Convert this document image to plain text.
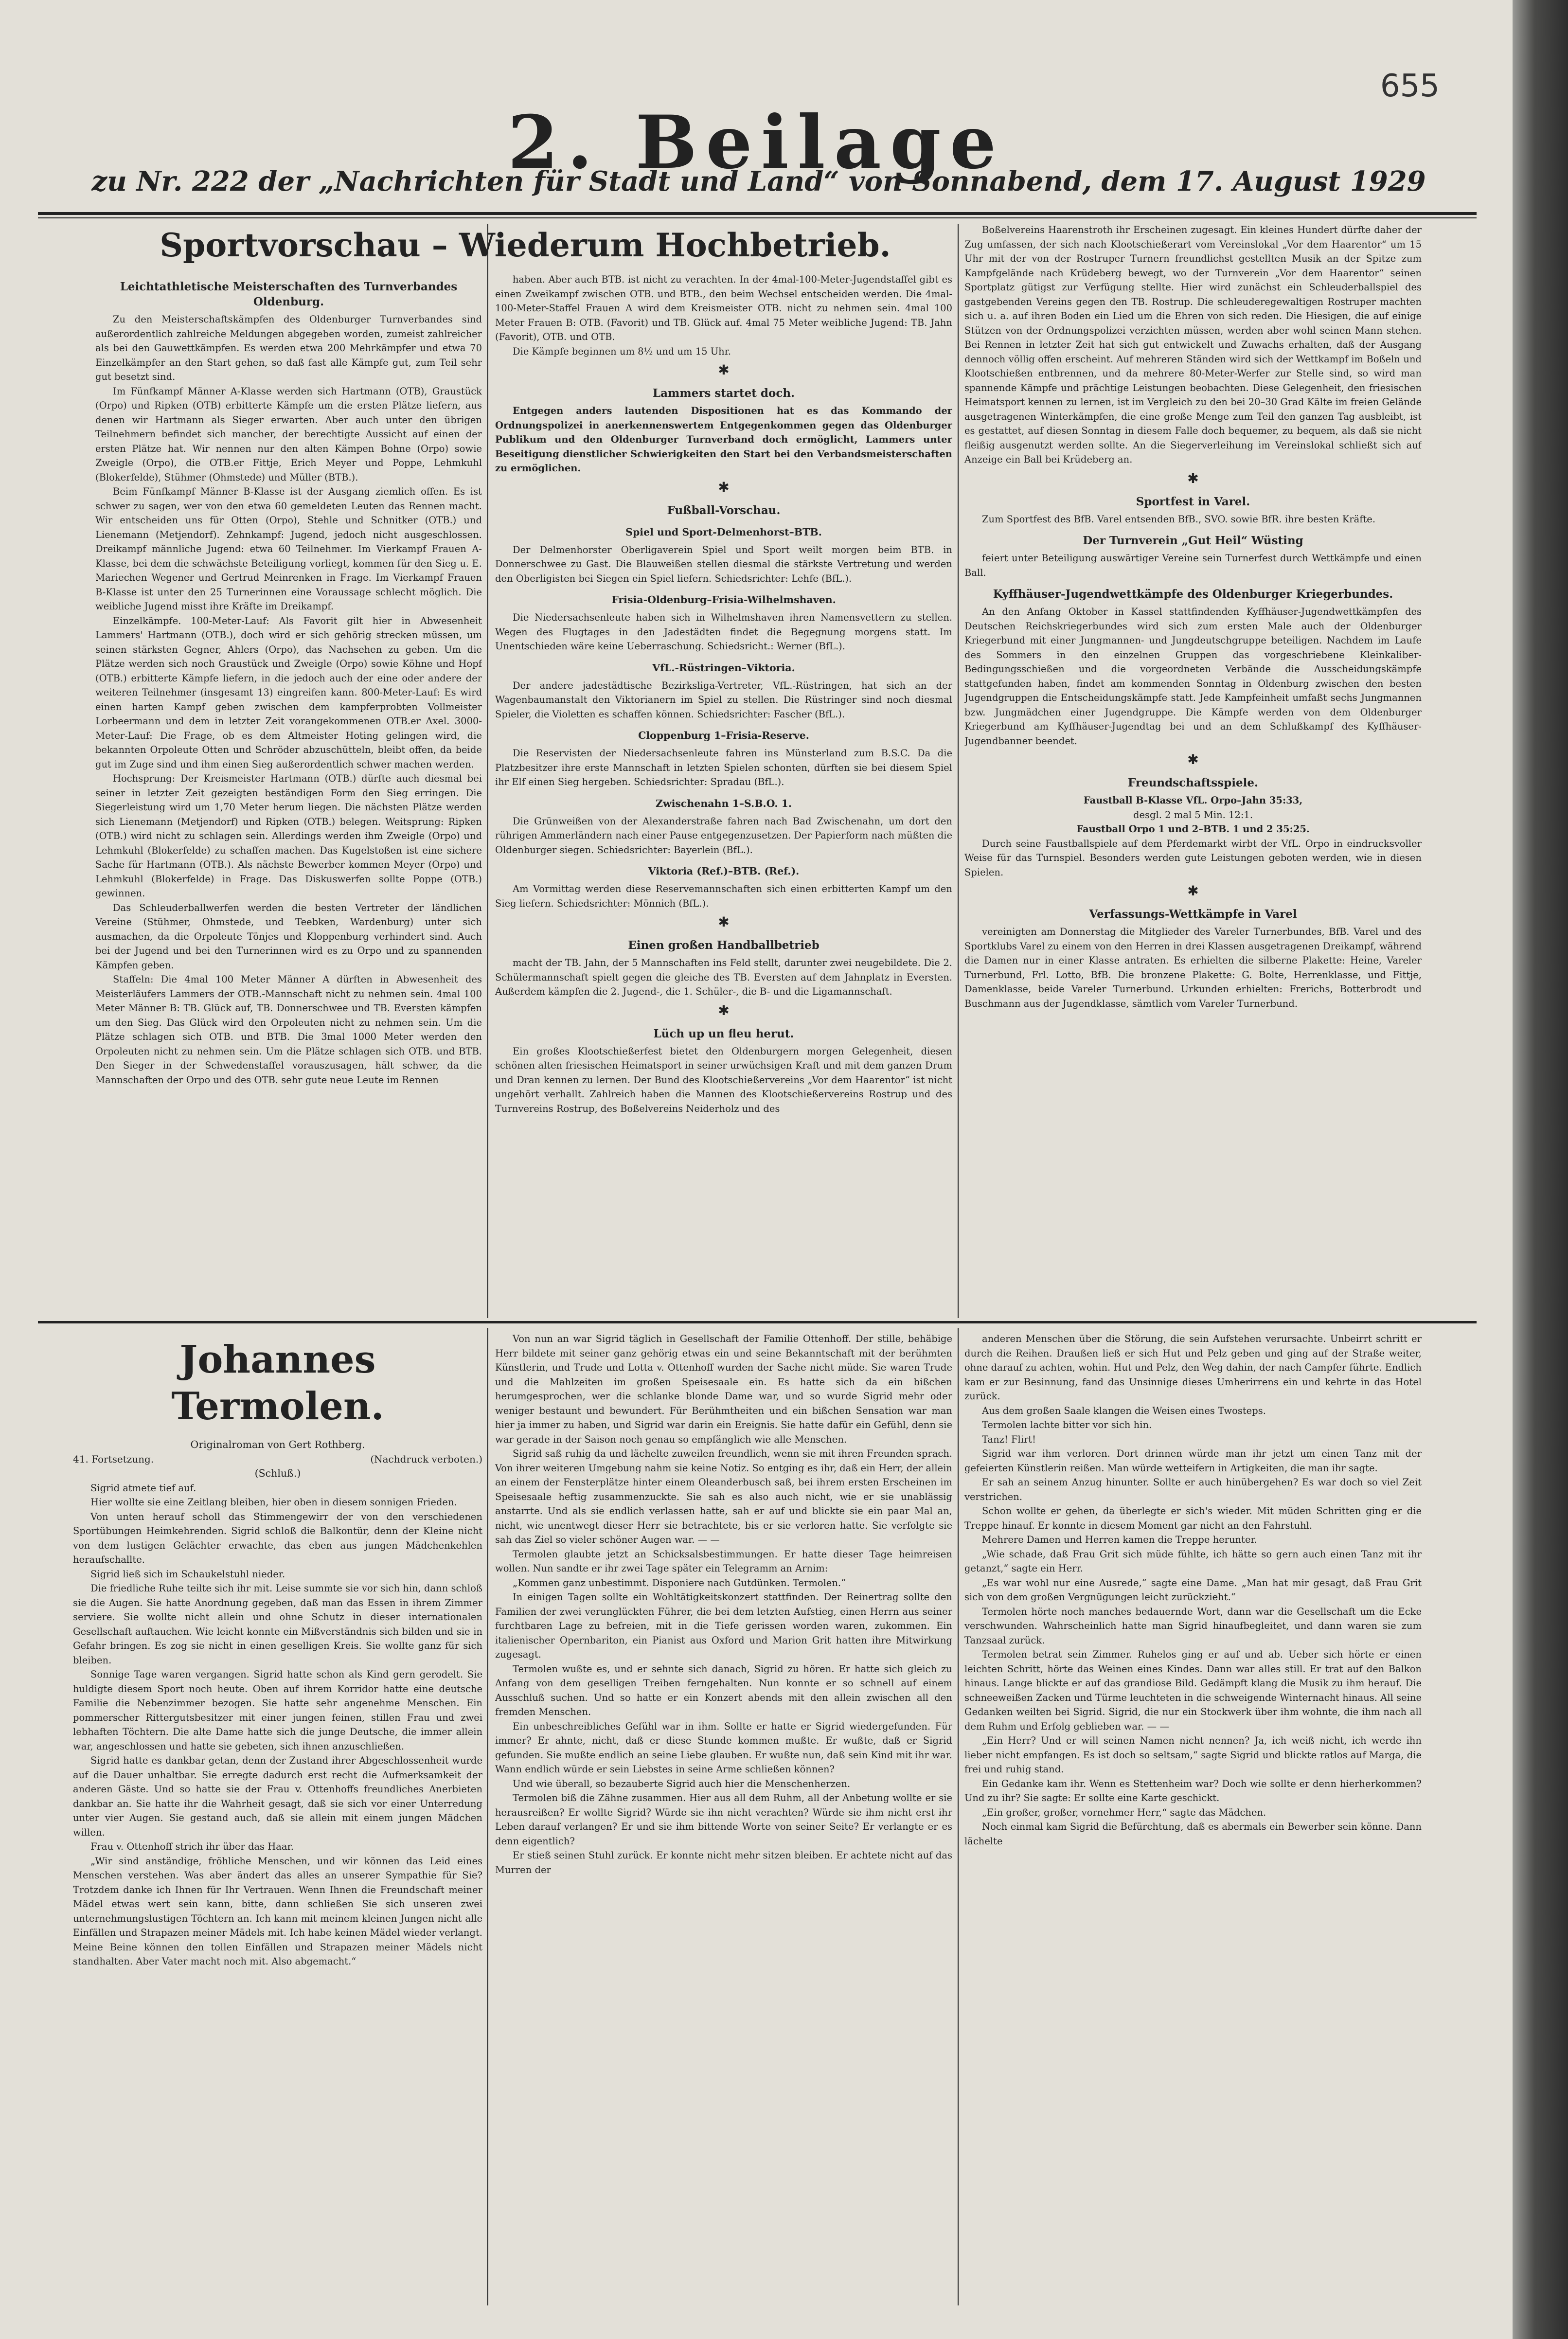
655
2. Beilage
zu Nr. 222 der „Nachrichten für Stadt und Land“ von Sonnabend, dem 17. August 1929
Sportvorschau – Wiederum Hochbetrieb.
Leichtathletische Meisterschaften des Turnverbandes Oldenburg.

Zu den Meisterschaftskämpfen des Oldenburger Turnverbandes sind außerordentlich zahlreiche Meldungen abgegeben worden, zumeist zahlreicher als bei den Gauwettkämpfen. Es werden etwa 200 Mehrkämpfer und etwa 70 Einzelkämpfer an den Start gehen, so daß fast alle Kämpfe gut, zum Teil sehr gut besetzt sind.

Im Fünfkampf Männer A-Klasse werden sich Hartmann (OTB), Graustück (Orpo) und Ripken (OTB) erbitterte Kämpfe um die ersten Plätze liefern, aus denen wir Hartmann als Sieger erwarten. Aber auch unter den übrigen Teilnehmern befindet sich mancher, der berechtigte Aussicht auf einen der ersten Plätze hat. Wir nennen nur den alten Kämpen Bohne (Orpo) sowie Zweigle (Orpo), die OTB.er Fittje, Erich Meyer und Poppe, Lehmkuhl (Blokerfelde), Stühmer (Ohmstede) und Müller (BTB.).

Beim Fünfkampf Männer B-Klasse ist der Ausgang ziemlich offen. Es ist schwer zu sagen, wer von den etwa 60 gemeldeten Leuten das Rennen macht. Wir entscheiden uns für Otten (Orpo), Stehle und Schnitker (OTB.) und Lienemann (Metjendorf). Zehnkampf: Jugend, jedoch nicht ausgeschlossen. Dreikampf männliche Jugend: etwa 60 Teilnehmer. Im Vierkampf Frauen A-Klasse, bei dem die schwächste Beteiligung vorliegt, kommen für den Sieg u. E. Mariechen Wegener und Gertrud Meinrenken in Frage. Im Vierkampf Frauen B-Klasse ist unter den 25 Turnerinnen eine Voraussage schlecht möglich. Die weibliche Jugend misst ihre Kräfte im Dreikampf.

Einzelkämpfe. 100-Meter-Lauf: Als Favorit gilt hier in Abwesenheit Lammers' Hartmann (OTB.), doch wird er sich gehörig strecken müssen, um seinen stärksten Gegner, Ahlers (Orpo), das Nachsehen zu geben. Um die Plätze werden sich noch Graustück und Zweigle (Orpo) sowie Köhne und Hopf (OTB.) erbitterte Kämpfe liefern, in die jedoch auch der eine oder andere der weiteren Teilnehmer (insgesamt 13) eingreifen kann. 800-Meter-Lauf: Es wird einen harten Kampf geben zwischen dem kampferprobten Vollmeister Lorbeermann und dem in letzter Zeit vorangekommenen OTB.er Axel. 3000-Meter-Lauf: Die Frage, ob es dem Altmeister Hoting gelingen wird, die bekannten Orpoleute Otten und Schröder abzuschütteln, bleibt offen, da beide gut im Zuge sind und ihm einen Sieg außerordentlich schwer machen werden.

Hochsprung: Der Kreismeister Hartmann (OTB.) dürfte auch diesmal bei seiner in letzter Zeit gezeigten beständigen Form den Sieg erringen. Die Siegerleistung wird um 1,70 Meter herum liegen. Die nächsten Plätze werden sich Lienemann (Metjendorf) und Ripken (OTB.) belegen. Weitsprung: Ripken (OTB.) wird nicht zu schlagen sein. Allerdings werden ihm Zweigle (Orpo) und Lehmkuhl (Blokerfelde) zu schaffen machen. Das Kugelstoßen ist eine sichere Sache für Hartmann (OTB.). Als nächste Bewerber kommen Meyer (Orpo) und Lehmkuhl (Blokerfelde) in Frage. Das Diskuswerfen sollte Poppe (OTB.) gewinnen.

Das Schleuderballwerfen werden die besten Vertreter der ländlichen Vereine (Stühmer, Ohmstede, und Teebken, Wardenburg) unter sich ausmachen, da die Orpoleute Tönjes und Kloppenburg verhindert sind. Auch bei der Jugend und bei den Turnerinnen wird es zu Orpo und zu spannenden Kämpfen geben.

Staffeln: Die 4mal 100 Meter Männer A dürften in Abwesenheit des Meisterläufers Lammers der OTB.-Mannschaft nicht zu nehmen sein. 4mal 100 Meter Männer B: TB. Glück auf, TB. Donnerschwee und TB. Eversten kämpfen um den Sieg. Das Glück wird den Orpoleuten nicht zu nehmen sein. Um die Plätze schlagen sich OTB. und BTB. Die 3mal 1000 Meter werden den Orpoleuten nicht zu nehmen sein. Um die Plätze schlagen sich OTB. und BTB. Den Sieger in der Schwedenstaffel vorauszusagen, hält schwer, da die Mannschaften der Orpo und des OTB. sehr gute neue Leute im Rennen

haben. Aber auch BTB. ist nicht zu verachten. In der 4mal-100-Meter-Jugendstaffel gibt es einen Zweikampf zwischen OTB. und BTB., den beim Wechsel entscheiden werden. Die 4mal-100-Meter-Staffel Frauen A wird dem Kreismeister OTB. nicht zu nehmen sein. 4mal 100 Meter Frauen B: OTB. (Favorit) und TB. Glück auf. 4mal 75 Meter weibliche Jugend: TB. Jahn (Favorit), OTB. und OTB.

Die Kämpfe beginnen um 8½ und um 15 Uhr.

✱
Lammers startet doch.

Entgegen anders lautenden Dispositionen hat es das Kommando der Ordnungspolizei in anerkennenswertem Entgegenkommen gegen das Oldenburger Publikum und den Oldenburger Turnverband doch ermöglicht, Lammers unter Beseitigung dienstlicher Schwierigkeiten den Start bei den Verbandsmeisterschaften zu ermöglichen.

✱
Fußball-Vorschau.
Spiel und Sport-Delmenhorst–BTB.

Der Delmenhorster Oberligaverein Spiel und Sport weilt morgen beim BTB. in Donnerschwee zu Gast. Die Blauweißen stellen diesmal die stärkste Vertretung und werden den Oberligisten bei Siegen ein Spiel liefern. Schiedsrichter: Lehfe (BfL.).

Frisia-Oldenburg–Frisia-Wilhelmshaven.

Die Niedersachsenleute haben sich in Wilhelmshaven ihren Namensvettern zu stellen. Wegen des Flugtages in den Jadestädten findet die Begegnung morgens statt. Im Unentschieden wäre keine Ueberraschung. Schiedsricht.: Werner (BfL.).

VfL.-Rüstringen–Viktoria.

Der andere jadestädtische Bezirksliga-Vertreter, VfL.-Rüstringen, hat sich an der Wagenbaumanstalt den Viktorianern im Spiel zu stellen. Die Rüstringer sind noch diesmal Spieler, die Violetten es schaffen können. Schiedsrichter: Fascher (BfL.).

Cloppenburg 1–Frisia-Reserve.

Die Reservisten der Niedersachsenleute fahren ins Münsterland zum B.S.C. Da die Platzbesitzer ihre erste Mannschaft in letzten Spielen schonten, dürften sie bei diesem Spiel ihr Elf einen Sieg hergeben. Schiedsrichter: Spradau (BfL.).

Zwischenahn 1–S.B.O. 1.

Die Grünweißen von der Alexanderstraße fahren nach Bad Zwischenahn, um dort den rührigen Ammerländern nach einer Pause entgegenzusetzen. Der Papierform nach müßten die Oldenburger siegen. Schiedsrichter: Bayerlein (BfL.).

Viktoria (Ref.)–BTB. (Ref.).

Am Vormittag werden diese Reservemannschaften sich einen erbitterten Kampf um den Sieg liefern. Schiedsrichter: Mönnich (BfL.).

✱
Einen großen Handballbetrieb

macht der TB. Jahn, der 5 Mannschaften ins Feld stellt, darunter zwei neugebildete. Die 2. Schülermannschaft spielt gegen die gleiche des TB. Eversten auf dem Jahnplatz in Eversten. Außerdem kämpfen die 2. Jugend-, die 1. Schüler-, die B- und die Ligamannschaft.

✱
Lüch up un fleu herut.

Ein großes Klootschießerfest bietet den Oldenburgern morgen Gelegenheit, diesen schönen alten friesischen Heimatsport in seiner urwüchsigen Kraft und mit dem ganzen Drum und Dran kennen zu lernen. Der Bund des Klootschießervereins „Vor dem Haarentor“ ist nicht ungehört verhallt. Zahlreich haben die Mannen des Klootschießervereins Rostrup und des Turnvereins Rostrup, des Boßelvereins Neiderholz und des

Boßelvereins Haarenstroth ihr Erscheinen zugesagt. Ein kleines Hundert dürfte daher der Zug umfassen, der sich nach Klootschießerart vom Vereinslokal „Vor dem Haarentor“ um 15 Uhr mit der von der Rostruper Turnern freundlichst gestellten Musik an der Spitze zum Kampfgelände nach Krüdeberg bewegt, wo der Turnverein „Vor dem Haarentor“ seinen Sportplatz gütigst zur Verfügung stellte. Hier wird zunächst ein Schleuderballspiel des gastgebenden Vereins gegen den TB. Rostrup. Die schleuderegewaltigen Rostruper machten sich u. a. auf ihren Boden ein Lied um die Ehren von sich reden. Die Hiesigen, die auf einige Stützen von der Ordnungspolizei verzichten müssen, werden aber wohl seinen Mann stehen. Bei Rennen in letzter Zeit hat sich gut entwickelt und Zuwachs erhalten, daß der Ausgang dennoch völlig offen erscheint. Auf mehreren Ständen wird sich der Wettkampf im Boßeln und Klootschießen entbrennen, und da mehrere 80-Meter-Werfer zur Stelle sind, so wird man spannende Kämpfe und prächtige Leistungen beobachten. Diese Gelegenheit, den friesischen Heimatsport kennen zu lernen, ist im Vergleich zu den bei 20–30 Grad Kälte im freien Gelände ausgetragenen Winterkämpfen, die eine große Menge zum Teil den ganzen Tag ausbleibt, ist es gestattet, auf diesen Sonntag in diesem Falle doch bequemer, zu bequem, als daß sie nicht fleißig ausgenutzt werden sollte. An die Siegerverleihung im Vereinslokal schließt sich auf Anzeige ein Ball bei Krüdeberg an.

✱
Sportfest in Varel.

Zum Sportfest des BfB. Varel entsenden BfB., SVO. sowie BfR. ihre besten Kräfte.

Der Turnverein „Gut Heil“ Wüsting

feiert unter Beteiligung auswärtiger Vereine sein Turnerfest durch Wettkämpfe und einen Ball.

Kyffhäuser-Jugendwettkämpfe des Oldenburger Kriegerbundes.

An den Anfang Oktober in Kassel stattfindenden Kyffhäuser-Jugendwettkämpfen des Deutschen Reichskriegerbundes wird sich zum ersten Male auch der Oldenburger Kriegerbund mit einer Jungmannen- und Jungdeutschgruppe beteiligen. Nachdem im Laufe des Sommers in den einzelnen Gruppen das vorgeschriebene Kleinkaliber-Bedingungsschießen und die vorgeordneten Verbände die Ausscheidungskämpfe stattgefunden haben, findet am kommenden Sonntag in Oldenburg zwischen den besten Jugendgruppen die Entscheidungskämpfe statt. Jede Kampfeinheit umfaßt sechs Jungmannen bzw. Jungmädchen einer Jugendgruppe. Die Kämpfe werden von dem Oldenburger Kriegerbund am Kyffhäuser-Jugendtag bei und an dem Schlußkampf des Kyffhäuser-Jugendbanner beendet.

✱
Freundschaftsspiele.
Faustball B-Klasse VfL. Orpo–Jahn 35:33,
desgl. 2 mal 5 Min. 12:1.
Faustball Orpo 1 und 2–BTB. 1 und 2 35:25.

Durch seine Faustballspiele auf dem Pferdemarkt wirbt der VfL. Orpo in eindrucksvoller Weise für das Turnspiel. Besonders werden gute Leistungen geboten werden, wie in diesen Spielen.

✱
Verfassungs-Wettkämpfe in Varel

vereinigten am Donnerstag die Mitglieder des Vareler Turnerbundes, BfB. Varel und des Sportklubs Varel zu einem von den Herren in drei Klassen ausgetragenen Dreikampf, während die Damen nur in einer Klasse antraten. Es erhielten die silberne Plakette: Heine, Vareler Turnerbund, Frl. Lotto, BfB. Die bronzene Plakette: G. Bolte, Herrenklasse, und Fittje, Damenklasse, beide Vareler Turnerbund. Urkunden erhielten: Frerichs, Botterbrodt und Buschmann aus der Jugendklasse, sämtlich vom Vareler Turnerbund.

Johannes Termolen.
Originalroman von Gert Rothberg.
41. Fortsetzung.	(Nachdruck verboten.)
(Schluß.)

Sigrid atmete tief auf.

Hier wollte sie eine Zeitlang bleiben, hier oben in diesem sonnigen Frieden.

Von unten herauf scholl das Stimmengewirr der von den verschiedenen Sportübungen Heimkehrenden. Sigrid schloß die Balkontür, denn der Kleine nicht von dem lustigen Gelächter erwachte, das eben aus jungen Mädchenkehlen heraufschallte.

Sigrid ließ sich im Schaukelstuhl nieder.

Die friedliche Ruhe teilte sich ihr mit. Leise summte sie vor sich hin, dann schloß sie die Augen. Sie hatte Anordnung gegeben, daß man das Essen in ihrem Zimmer serviere. Sie wollte nicht allein und ohne Schutz in dieser internationalen Gesellschaft auftauchen. Wie leicht konnte ein Mißverständnis sich bilden und sie in Gefahr bringen. Es zog sie nicht in einen geselligen Kreis. Sie wollte ganz für sich bleiben.

Sonnige Tage waren vergangen. Sigrid hatte schon als Kind gern gerodelt. Sie huldigte diesem Sport noch heute. Oben auf ihrem Korridor hatte eine deutsche Familie die Nebenzimmer bezogen. Sie hatte sehr angenehme Menschen. Ein pommerscher Rittergutsbesitzer mit einer jungen feinen, stillen Frau und zwei lebhaften Töchtern. Die alte Dame hatte sich die junge Deutsche, die immer allein war, angeschlossen und hatte sie gebeten, sich ihnen anzuschließen.

Sigrid hatte es dankbar getan, denn der Zustand ihrer Abgeschlossenheit wurde auf die Dauer unhaltbar. Sie erregte dadurch erst recht die Aufmerksamkeit der anderen Gäste. Und so hatte sie der Frau v. Ottenhoffs freundliches Anerbieten dankbar an. Sie hatte ihr die Wahrheit gesagt, daß sie sich vor einer Unterredung unter vier Augen. Sie gestand auch, daß sie allein mit einem jungen Mädchen willen.

Frau v. Ottenhoff strich ihr über das Haar.

„Wir sind anständige, fröhliche Menschen, und wir können das Leid eines Menschen verstehen. Was aber ändert das alles an unserer Sympathie für Sie? Trotzdem danke ich Ihnen für Ihr Vertrauen. Wenn Ihnen die Freundschaft meiner Mädel etwas wert sein kann, bitte, dann schließen Sie sich unseren zwei unternehmungslustigen Töchtern an. Ich kann mit meinem kleinen Jungen nicht alle Einfällen und Strapazen meiner Mädels mit. Ich habe keinen Mädel wieder verlangt. Meine Beine können den tollen Einfällen und Strapazen meiner Mädels nicht standhalten. Aber Vater macht noch mit. Also abgemacht.“

Von nun an war Sigrid täglich in Gesellschaft der Familie Ottenhoff. Der stille, behäbige Herr bildete mit seiner ganz gehörig etwas ein und seine Bekanntschaft mit der berühmten Künstlerin, und Trude und Lotta v. Ottenhoff wurden der Sache nicht müde. Sie waren Trude und die Mahlzeiten im großen Speisesaale ein. Es hatte sich da ein bißchen herumgesprochen, wer die schlanke blonde Dame war, und so wurde Sigrid mehr oder weniger bestaunt und bewundert. Für Berühmtheiten und ein bißchen Sensation war man hier ja immer zu haben, und Sigrid war darin ein Ereignis. Sie hatte dafür ein Gefühl, denn sie war gerade in der Saison noch genau so empfänglich wie alle Menschen.

Sigrid saß ruhig da und lächelte zuweilen freundlich, wenn sie mit ihren Freunden sprach. Von ihrer weiteren Umgebung nahm sie keine Notiz. So entging es ihr, daß ein Herr, der allein an einem der Fensterplätze hinter einem Oleanderbusch saß, bei ihrem ersten Erscheinen im Speisesaale heftig zusammenzuckte. Sie sah es also auch nicht, wie er sie unablässig anstarrte. Und als sie endlich verlassen hatte, sah er auf und blickte sie ein paar Mal an, nicht, wie unentwegt dieser Herr sie betrachtete, bis er sie verloren hatte. Sie verfolgte sie sah das Ziel so vieler schöner Augen war. — —

Termolen glaubte jetzt an Schicksalsbestimmungen. Er hatte dieser Tage heimreisen wollen. Nun sandte er ihr zwei Tage später ein Telegramm an Arnim:

„Kommen ganz unbestimmt. Disponiere nach Gutdünken. Termolen.“

In einigen Tagen sollte ein Wohltätigkeitskonzert stattfinden. Der Reinertrag sollte den Familien der zwei verunglückten Führer, die bei dem letzten Aufstieg, einen Herrn aus seiner furchtbaren Lage zu befreien, mit in die Tiefe gerissen worden waren, zukommen. Ein italienischer Opernbariton, ein Pianist aus Oxford und Marion Grit hatten ihre Mitwirkung zugesagt.

Termolen wußte es, und er sehnte sich danach, Sigrid zu hören. Er hatte sich gleich zu Anfang von dem geselligen Treiben ferngehalten. Nun konnte er so schnell auf einem Ausschluß suchen. Und so hatte er ein Konzert abends mit den allein zwischen all den fremden Menschen.

Ein unbeschreibliches Gefühl war in ihm. Sollte er hatte er Sigrid wiedergefunden. Für immer? Er ahnte, nicht, daß er diese Stunde kommen mußte. Er wußte, daß er Sigrid gefunden. Sie mußte endlich an seine Liebe glauben. Er wußte nun, daß sein Kind mit ihr war. Wann endlich würde er sein Liebstes in seine Arme schließen können?

Und wie überall, so bezauberte Sigrid auch hier die Menschenherzen.

Termolen biß die Zähne zusammen. Hier aus all dem Ruhm, all der Anbetung wollte er sie herausreißen? Er wollte Sigrid? Würde sie ihn nicht verachten? Würde sie ihm nicht erst ihr Leben darauf verlangen? Er und sie ihm bittende Worte von seiner Seite? Er verlangte er es denn eigentlich?

Er stieß seinen Stuhl zurück. Er konnte nicht mehr sitzen bleiben. Er achtete nicht auf das Murren der

anderen Menschen über die Störung, die sein Aufstehen verursachte. Unbeirrt schritt er durch die Reihen. Draußen ließ er sich Hut und Pelz geben und ging auf der Straße weiter, ohne darauf zu achten, wohin. Hut und Pelz, den Weg dahin, der nach Campfer führte. Endlich kam er zur Besinnung, fand das Unsinnige dieses Umherirrens ein und kehrte in das Hotel zurück.

Aus dem großen Saale klangen die Weisen eines Twosteps.

Termolen lachte bitter vor sich hin.

Tanz! Flirt!

Sigrid war ihm verloren. Dort drinnen würde man ihr jetzt um einen Tanz mit der gefeierten Künstlerin reißen. Man würde wetteifern in Artigkeiten, die man ihr sagte.

Er sah an seinem Anzug hinunter. Sollte er auch hinübergehen? Es war doch so viel Zeit verstrichen.

Schon wollte er gehen, da überlegte er sich's wieder. Mit müden Schritten ging er die Treppe hinauf. Er konnte in diesem Moment gar nicht an den Fahrstuhl.

Mehrere Damen und Herren kamen die Treppe herunter.

„Wie schade, daß Frau Grit sich müde fühlte, ich hätte so gern auch einen Tanz mit ihr getanzt,“ sagte ein Herr.

„Es war wohl nur eine Ausrede,“ sagte eine Dame. „Man hat mir gesagt, daß Frau Grit sich von dem großen Vergnügungen leicht zurückzieht.“

Termolen hörte noch manches bedauernde Wort, dann war die Gesellschaft um die Ecke verschwunden. Wahrscheinlich hatte man Sigrid hinaufbegleitet, und dann waren sie zum Tanzsaal zurück.

Termolen betrat sein Zimmer. Ruhelos ging er auf und ab. Ueber sich hörte er einen leichten Schritt, hörte das Weinen eines Kindes. Dann war alles still. Er trat auf den Balkon hinaus. Lange blickte er auf das grandiose Bild. Gedämpft klang die Musik zu ihm herauf. Die schneeweißen Zacken und Türme leuchteten in die schweigende Winternacht hinaus. All seine Gedanken weilten bei Sigrid. Sigrid, die nur ein Stockwerk über ihm wohnte, die ihm nach all dem Ruhm und Erfolg geblieben war. — —

„Ein Herr? Und er will seinen Namen nicht nennen? Ja, ich weiß nicht, ich werde ihn lieber nicht empfangen. Es ist doch so seltsam,“ sagte Sigrid und blickte ratlos auf Marga, die frei und ruhig stand.

Ein Gedanke kam ihr. Wenn es Stettenheim war? Doch wie sollte er denn hierherkommen? Und zu ihr? Sie sagte: Er sollte eine Karte geschickt.

„Ein großer, großer, vornehmer Herr,“ sagte das Mädchen.

Noch einmal kam Sigrid die Befürchtung, daß es abermals ein Bewerber sein könne. Dann lächelte
